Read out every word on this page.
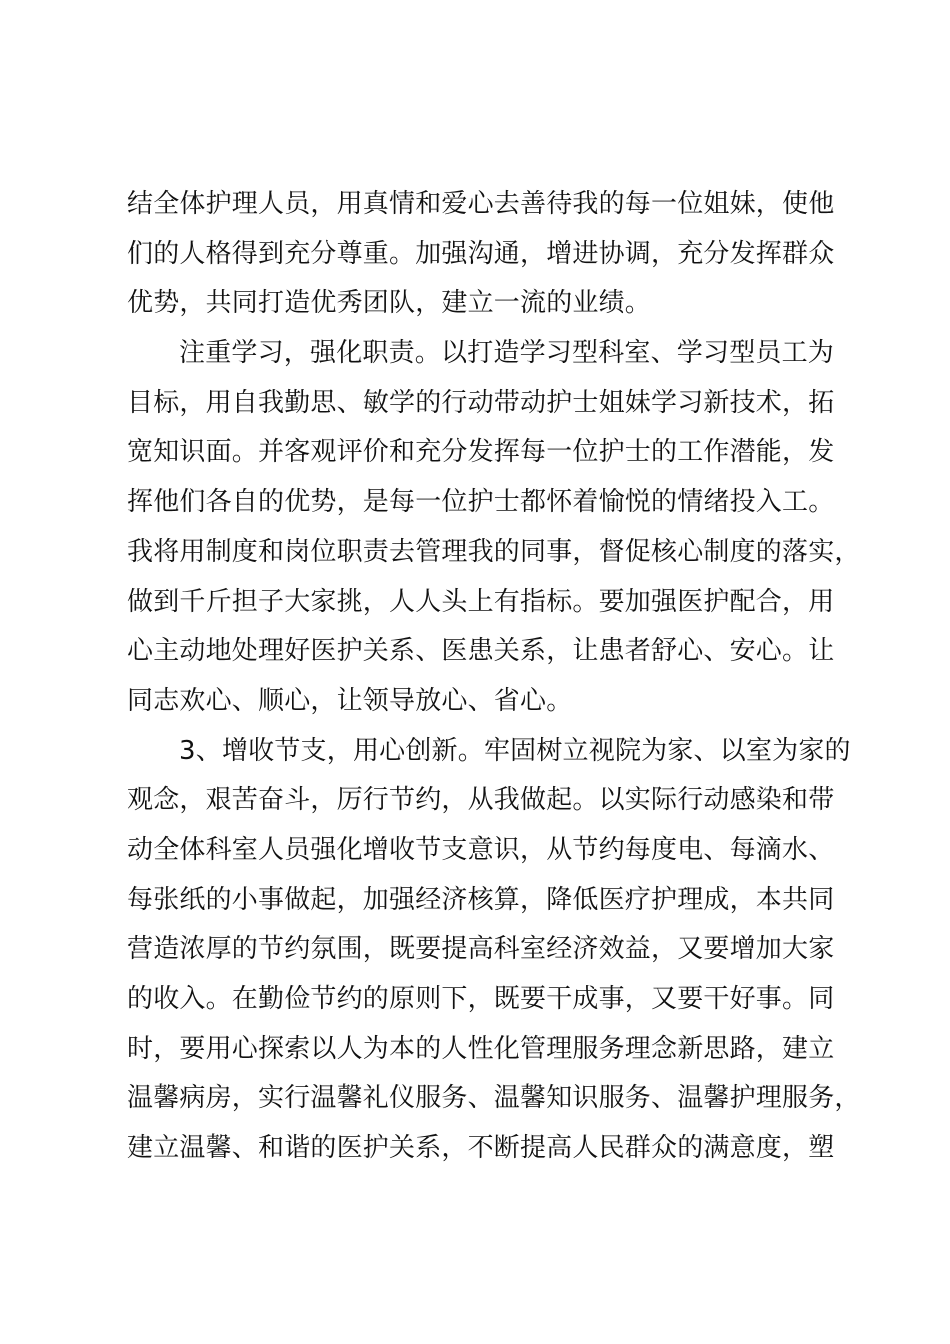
结全体护理人员，用真情和爱心去善待我的每一位姐妹，使他
们的人格得到充分尊重。加强沟通，增进协调，充分发挥群众
优势，共同打造优秀团队，建立一流的业绩。
注重学习，强化职责。以打造学习型科室、学习型员工为
目标，用自我勤思、敏学的行动带动护士姐妹学习新技术，拓
宽知识面。并客观评价和充分发挥每一位护士的工作潜能，发
挥他们各自的优势，是每一位护士都怀着愉悦的情绪投入工。
我将用制度和岗位职责去管理我的同事，督促核心制度的落实，
做到千斤担子大家挑，人人头上有指标。要加强医护配合，用
心主动地处理好医护关系、医患关系，让患者舒心、安心。让
同志欢心、顺心，让领导放心、省心。
3、增收节支，用心创新。牢固树立视院为家、以室为家的
观念，艰苦奋斗，厉行节约，从我做起。以实际行动感染和带
动全体科室人员强化增收节支意识，从节约每度电、每滴水、
每张纸的小事做起，加强经济核算，降低医疗护理成，本共同
营造浓厚的节约氛围，既要提高科室经济效益，又要增加大家
的收入。在勤俭节约的原则下，既要干成事，又要干好事。同
时，要用心探索以人为本的人性化管理服务理念新思路，建立
温馨病房，实行温馨礼仪服务、温馨知识服务、温馨护理服务，
建立温馨、和谐的医护关系，不断提高人民群众的满意度，塑
